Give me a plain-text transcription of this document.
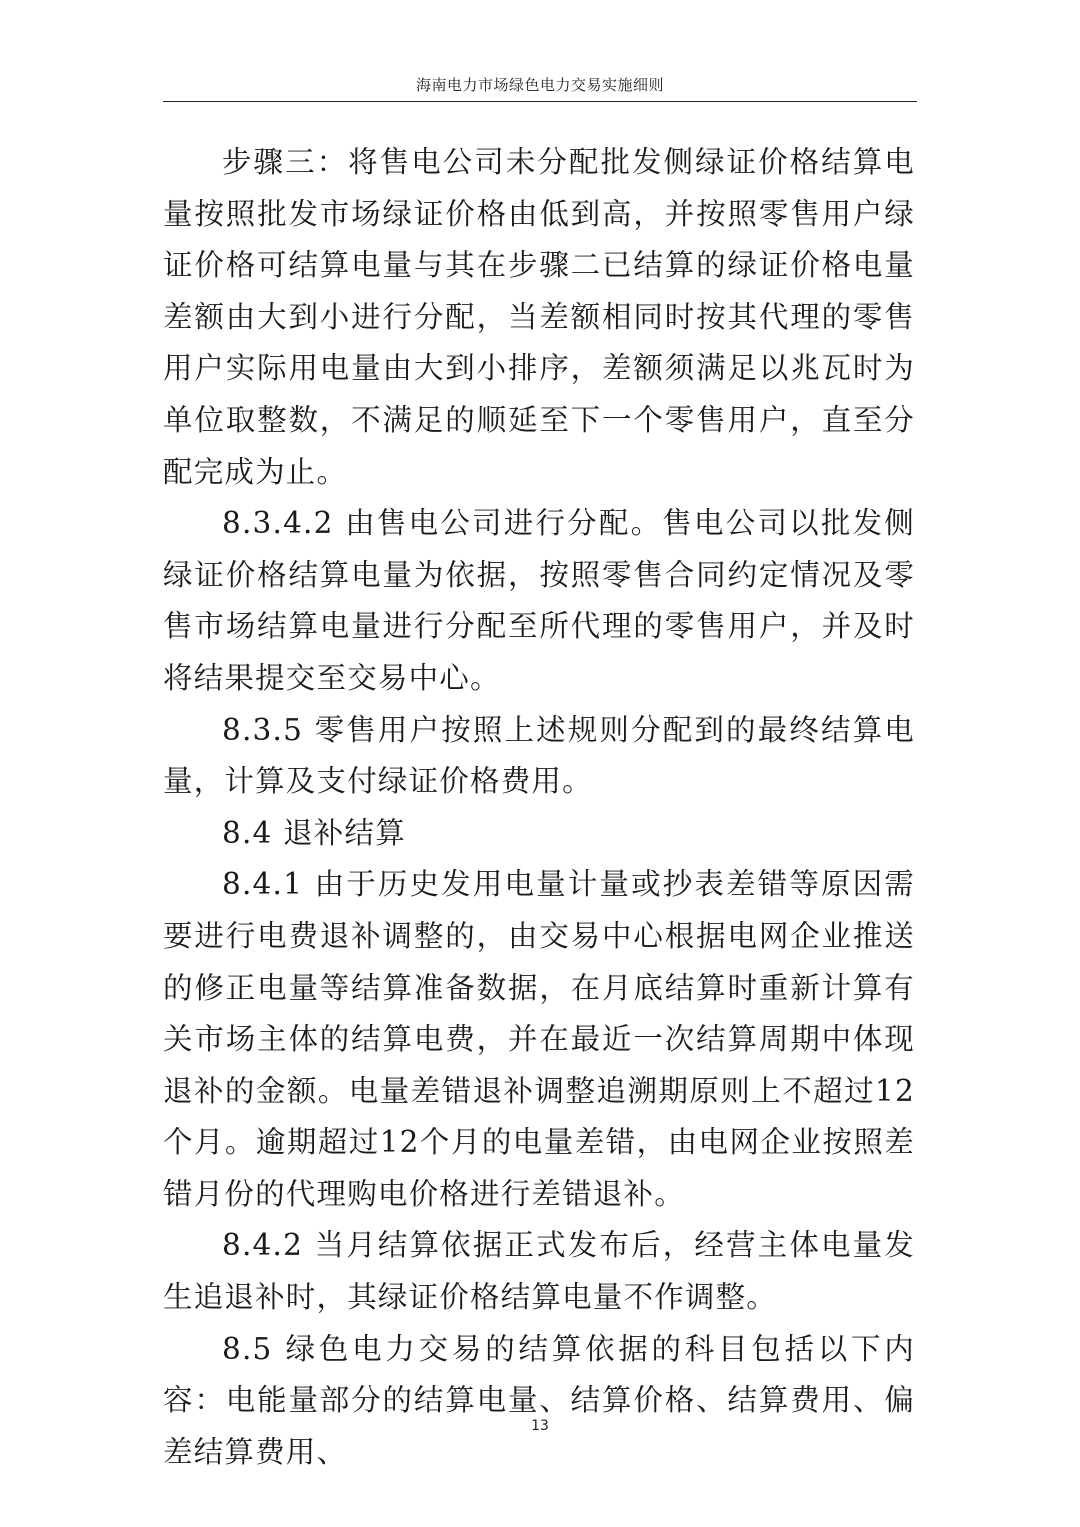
海南电力市场绿色电力交易实施细则

步骤三：将售电公司未分配批发侧绿证价格结算电量按照批发市场绿证价格由低到高，并按照零售用户绿证价格可结算电量与其在步骤二已结算的绿证价格电量差额由大到小进行分配，当差额相同时按其代理的零售用户实际用电量由大到小排序，差额须满足以兆瓦时为单位取整数，不满足的顺延至下一个零售用户，直至分配完成为止。

8.3.4.2 由售电公司进行分配。售电公司以批发侧绿证价格结算电量为依据，按照零售合同约定情况及零售市场结算电量进行分配至所代理的零售用户，并及时将结果提交至交易中心。

8.3.5 零售用户按照上述规则分配到的最终结算电量，计算及支付绿证价格费用。

8.4 退补结算

8.4.1 由于历史发用电量计量或抄表差错等原因需要进行电费退补调整的，由交易中心根据电网企业推送的修正电量等结算准备数据，在月底结算时重新计算有关市场主体的结算电费，并在最近一次结算周期中体现退补的金额。电量差错退补调整追溯期原则上不超过12个月。逾期超过12个月的电量差错，由电网企业按照差错月份的代理购电价格进行差错退补。

8.4.2 当月结算依据正式发布后，经营主体电量发生追退补时，其绿证价格结算电量不作调整。

8.5 绿色电力交易的结算依据的科目包括以下内容：电能量部分的结算电量、结算价格、结算费用、偏差结算费用、

13
